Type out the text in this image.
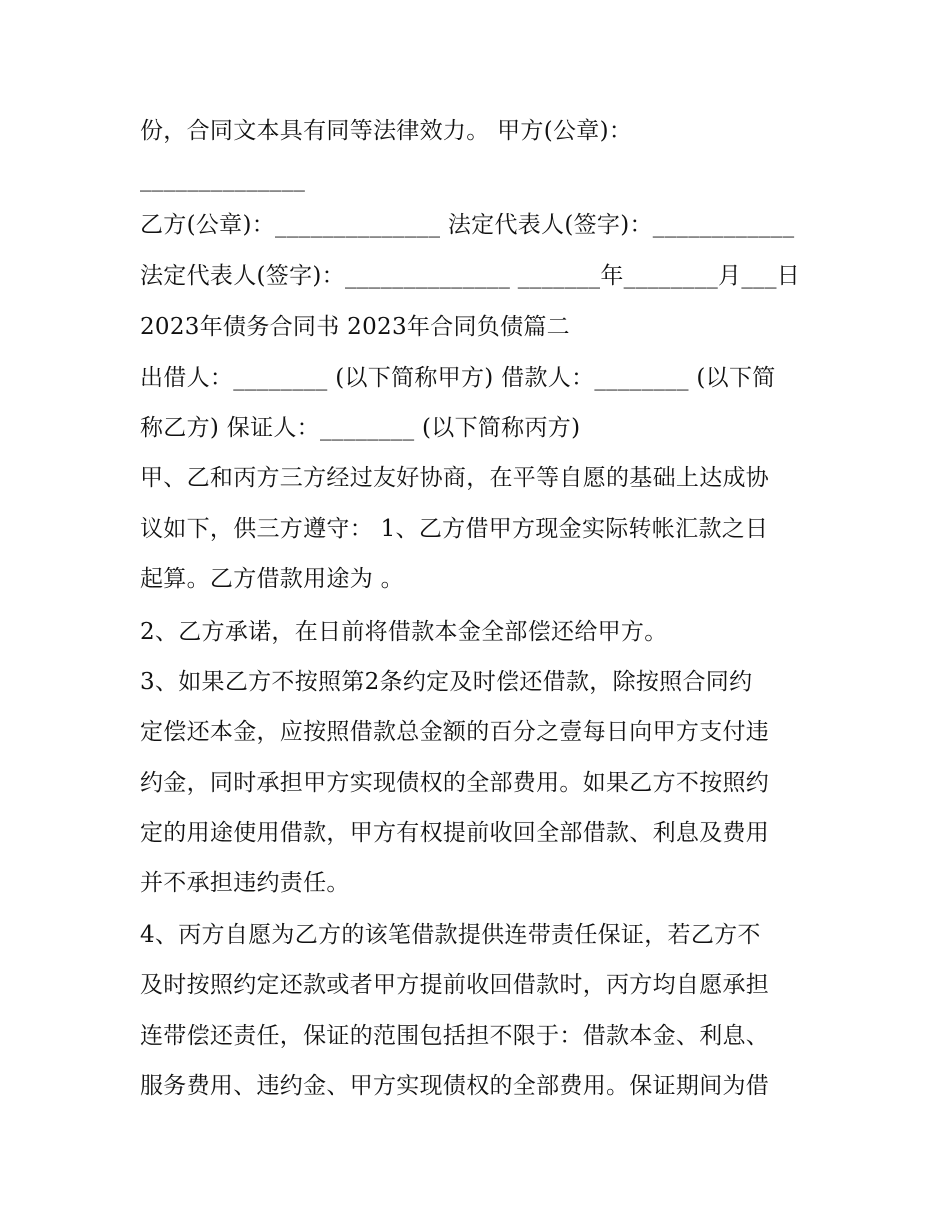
份，合同文本具有同等法律效力。 甲方(公章)：
______________
乙方(公章)：______________ 法定代表人(签字)：____________
法定代表人(签字)：______________ _______年________月___日
2023年债务合同书 2023年合同负债篇二
出借人：________ (以下简称甲方) 借款人：________ (以下简
称乙方) 保证人：________ (以下简称丙方)
甲、乙和丙方三方经过友好协商，在平等自愿的基础上达成协
议如下，供三方遵守： 1、乙方借甲方现金实际转帐汇款之日
起算。乙方借款用途为 。
2、乙方承诺，在日前将借款本金全部偿还给甲方。
3、如果乙方不按照第2条约定及时偿还借款，除按照合同约
定偿还本金，应按照借款总金额的百分之壹每日向甲方支付违
约金，同时承担甲方实现债权的全部费用。如果乙方不按照约
定的用途使用借款，甲方有权提前收回全部借款、利息及费用
并不承担违约责任。
4、丙方自愿为乙方的该笔借款提供连带责任保证，若乙方不
及时按照约定还款或者甲方提前收回借款时，丙方均自愿承担
连带偿还责任，保证的范围包括担不限于：借款本金、利息、
服务费用、违约金、甲方实现债权的全部费用。保证期间为借
